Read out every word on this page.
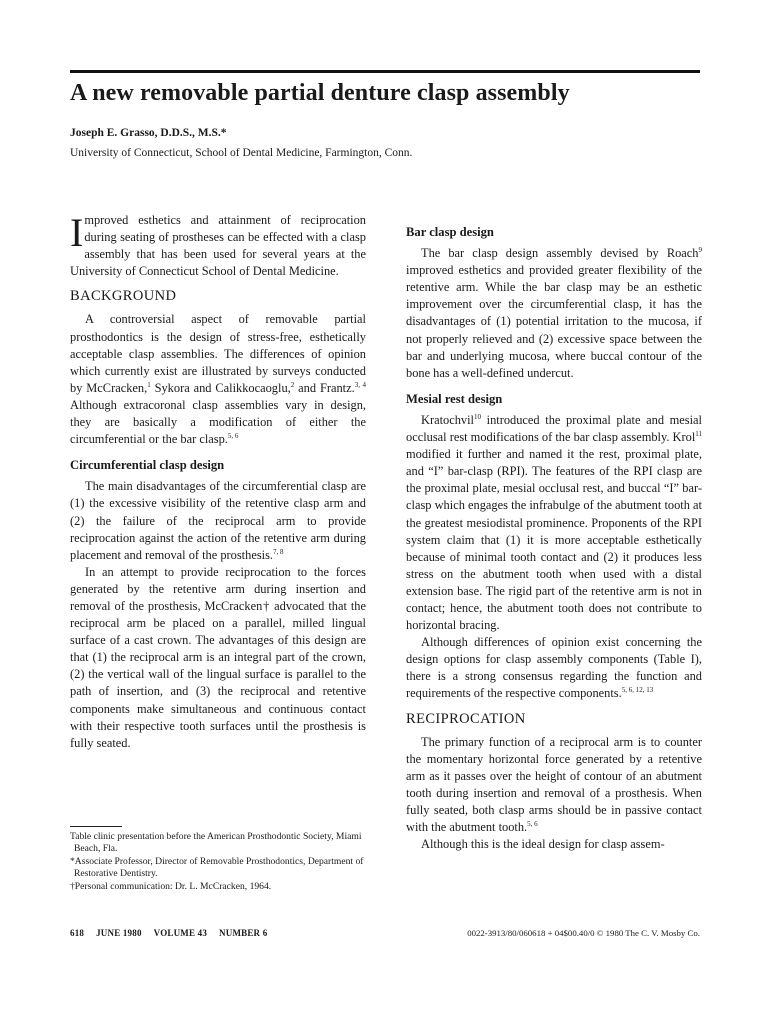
A new removable partial denture clasp assembly
Joseph E. Grasso, D.D.S., M.S.*
University of Connecticut, School of Dental Medicine, Farmington, Conn.

Improved esthetics and attainment of reciprocation during seating of prostheses can be effected with a clasp assembly that has been used for several years at the University of Connecticut School of Dental Medicine.

BACKGROUND

A controversial aspect of removable partial prosthodontics is the design of stress-free, esthetically acceptable clasp assemblies. The differences of opinion which currently exist are illustrated by surveys conducted by McCracken,$^1$ Sykora and Calikkocaoglu,$^2$ and Frantz.$^{3, 4}$ Although extracoronal clasp assemblies vary in design, they are basically a modification of either the circumferential or the bar clasp.$^{5, 6}$

Circumferential clasp design

The main disadvantages of the circumferential clasp are (1) the excessive visibility of the retentive clasp arm and (2) the failure of the reciprocal arm to provide reciprocation against the action of the retentive arm during placement and removal of the prosthesis.$^{7, 8}$

In an attempt to provide reciprocation to the forces generated by the retentive arm during insertion and removal of the prosthesis, McCracken† advocated that the reciprocal arm be placed on a parallel, milled lingual surface of a cast crown. The advantages of this design are that (1) the reciprocal arm is an integral part of the crown, (2) the vertical wall of the lingual surface is parallel to the path of insertion, and (3) the reciprocal and retentive components make simultaneous and continuous contact with their respective tooth surfaces until the prosthesis is fully seated.

Table clinic presentation before the American Prosthodontic Society, Miami Beach, Fla.
*Associate Professor, Director of Removable Prosthodontics, Department of Restorative Dentistry.
†Personal communication: Dr. L. McCracken, 1964.
Bar clasp design

The bar clasp design assembly devised by Roach$^9$ improved esthetics and provided greater flexibility of the retentive arm. While the bar clasp may be an esthetic improvement over the circumferential clasp, it has the disadvantages of (1) potential irritation to the mucosa, if not properly relieved and (2) excessive space between the bar and underlying mucosa, where buccal contour of the bone has a well-defined undercut.

Mesial rest design

Kratochvil$^{10}$ introduced the proximal plate and mesial occlusal rest modifications of the bar clasp assembly. Krol$^{11}$ modified it further and named it the rest, proximal plate, and “I” bar-clasp (RPI). The features of the RPI clasp are the proximal plate, mesial occlusal rest, and buccal “I” bar-clasp which engages the infrabulge of the abutment tooth at the greatest mesiodistal prominence. Proponents of the RPI system claim that (1) it is more acceptable esthetically because of minimal tooth contact and (2) it produces less stress on the abutment tooth when used with a distal extension base. The rigid part of the retentive arm is not in contact; hence, the abutment tooth does not contribute to horizontal bracing.

Although differences of opinion exist concerning the design options for clasp assembly components (Table I), there is a strong consensus regarding the function and requirements of the respective components.$^{5, 6, 12, 13}$

RECIPROCATION

The primary function of a reciprocal arm is to counter the momentary horizontal force generated by a retentive arm as it passes over the height of contour of an abutment tooth during insertion and removal of a prosthesis. When fully seated, both clasp arms should be in passive contact with the abutment tooth.$^{5, 6}$

Although this is the ideal design for clasp assem-

618 JUNE 1980 VOLUME 43 NUMBER 6	0022-3913/80/060618 + 04$00.40/0 © 1980 The C. V. Mosby Co.
